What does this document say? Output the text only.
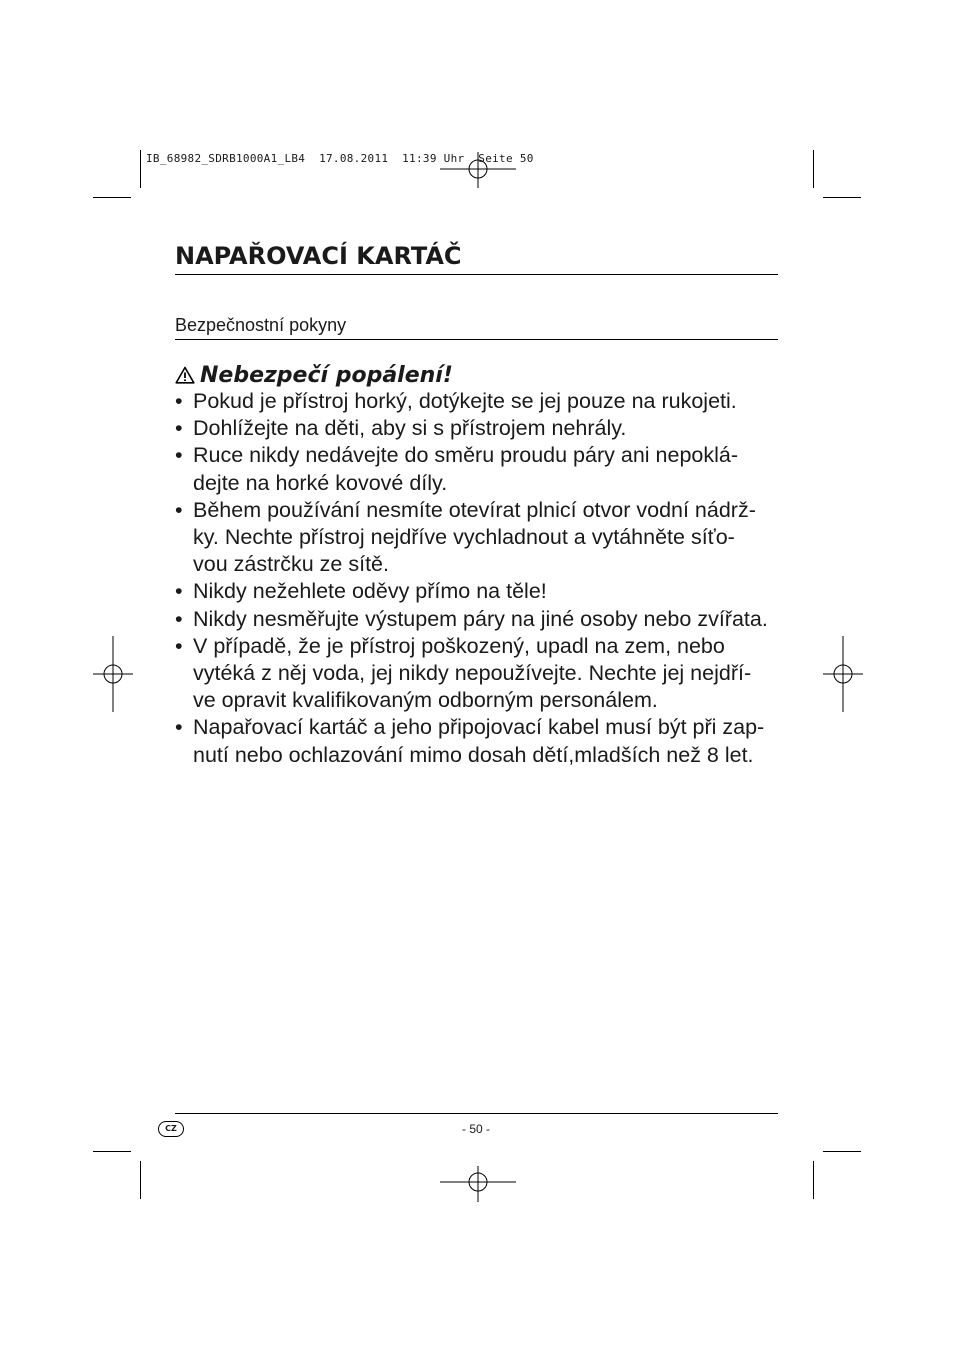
IB_68982_SDRB1000A1_LB4  17.08.2011  11:39 Uhr  Seite 50
NAPAŘOVACÍ KARTÁČ
Bezpečnostní pokyny
Nebezpečí popálení!
• Pokud je přístroj horký, dotýkejte se jej pouze na rukojeti.
• Dohlížejte na děti, aby si s přístrojem nehrály.
• Ruce nikdy nedávejte do směru proudu páry ani nepoklá-
dejte na horké kovové díly.
• Během používání nesmíte otevírat plnicí otvor vodní nádrž-
ky. Nechte přístroj nejdříve vychladnout a vytáhněte síťo-
vou zástrčku ze sítě.
• Nikdy nežehlete oděvy přímo na těle!
• Nikdy nesměřujte výstupem páry na jiné osoby nebo zvířata.
• V případě, že je přístroj poškozený, upadl na zem, nebo
vytéká z něj voda, jej nikdy nepoužívejte. Nechte jej nejdří-
ve opravit kvalifikovaným odborným personálem.
• Napařovací kartáč a jeho připojovací kabel musí být při zap-
nutí nebo ochlazování mimo dosah dětí,mladších než 8 let.
CZ	- 50 -
